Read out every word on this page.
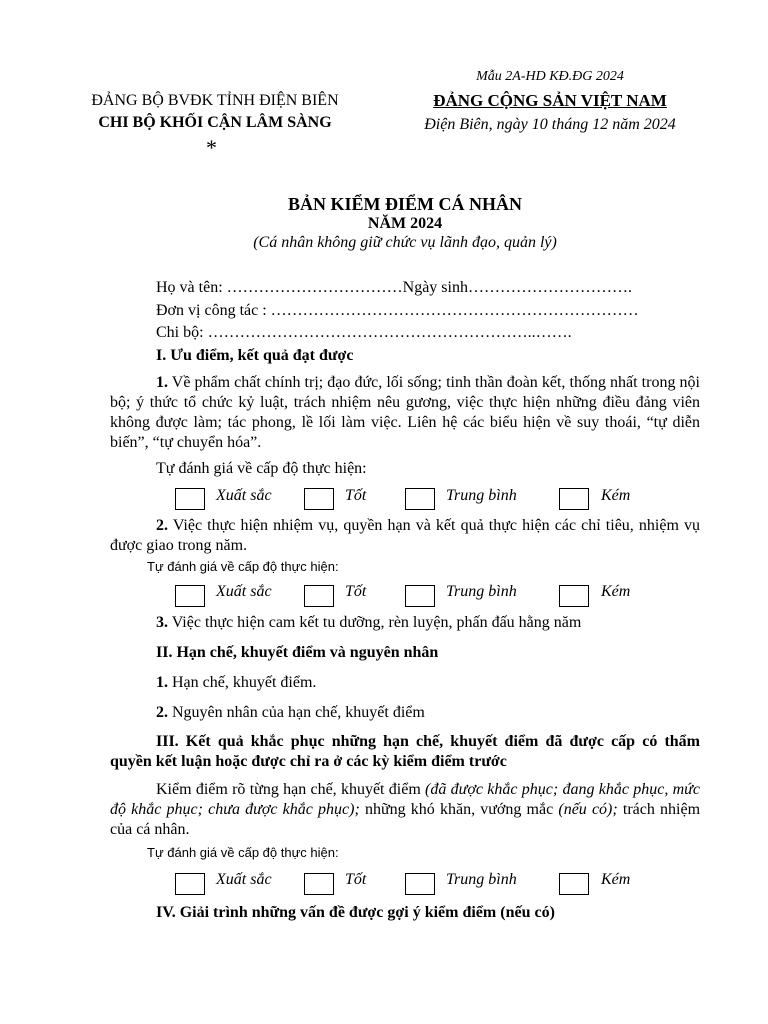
ĐẢNG BỘ BVĐK TỈNH ĐIỆN BIÊN
CHI BỘ KHỐI CẬN LÂM SÀNG
*
Mẫu 2A-HD KĐ.ĐG 2024
ĐẢNG CỘNG SẢN VIỆT NAM
Điện Biên, ngày 10 tháng 12 năm 2024
BẢN KIỂM ĐIỂM CÁ NHÂN
NĂM 2024
(Cá nhân không giữ chức vụ lãnh đạo, quản lý)
Họ và tên: ……………………………Ngày sinh………………………….
Đơn vị công tác : ……………………………………………………………
Chi bộ: ……………………………………………………..…….
I. Ưu điểm, kết quả đạt được
1. Về phẩm chất chính trị; đạo đức, lối sống; tinh thần đoàn kết, thống nhất trong nội bộ; ý thức tổ chức kỷ luật, trách nhiệm nêu gương, việc thực hiện những điều đảng viên không được làm; tác phong, lề lối làm việc. Liên hệ các biểu hiện về suy thoái, “tự diễn biến”, “tự chuyển hóa”.
Tự đánh giá về cấp độ thực hiện:
Xuất sắc	Tốt	Trung bình	Kém
2. Việc thực hiện nhiệm vụ, quyền hạn và kết quả thực hiện các chỉ tiêu, nhiệm vụ được giao trong năm.
Tự đánh giá về cấp độ thực hiện:
Xuất sắc	Tốt	Trung bình	Kém
3. Việc thực hiện cam kết tu dưỡng, rèn luyện, phấn đấu hằng năm
II. Hạn chế, khuyết điểm và nguyên nhân
1. Hạn chế, khuyết điểm.
2. Nguyên nhân của hạn chế, khuyết điểm
III. Kết quả khắc phục những hạn chế, khuyết điểm đã được cấp có thẩm quyền kết luận hoặc được chỉ ra ở các kỳ kiểm điểm trước
Kiểm điểm rõ từng hạn chế, khuyết điểm (đã được khắc phục; đang khắc phục, mức độ khắc phục; chưa được khắc phục); những khó khăn, vướng mắc (nếu có); trách nhiệm của cá nhân.
Tự đánh giá về cấp độ thực hiện:
Xuất sắc	Tốt	Trung bình	Kém
IV. Giải trình những vấn đề được gợi ý kiểm điểm (nếu có)
